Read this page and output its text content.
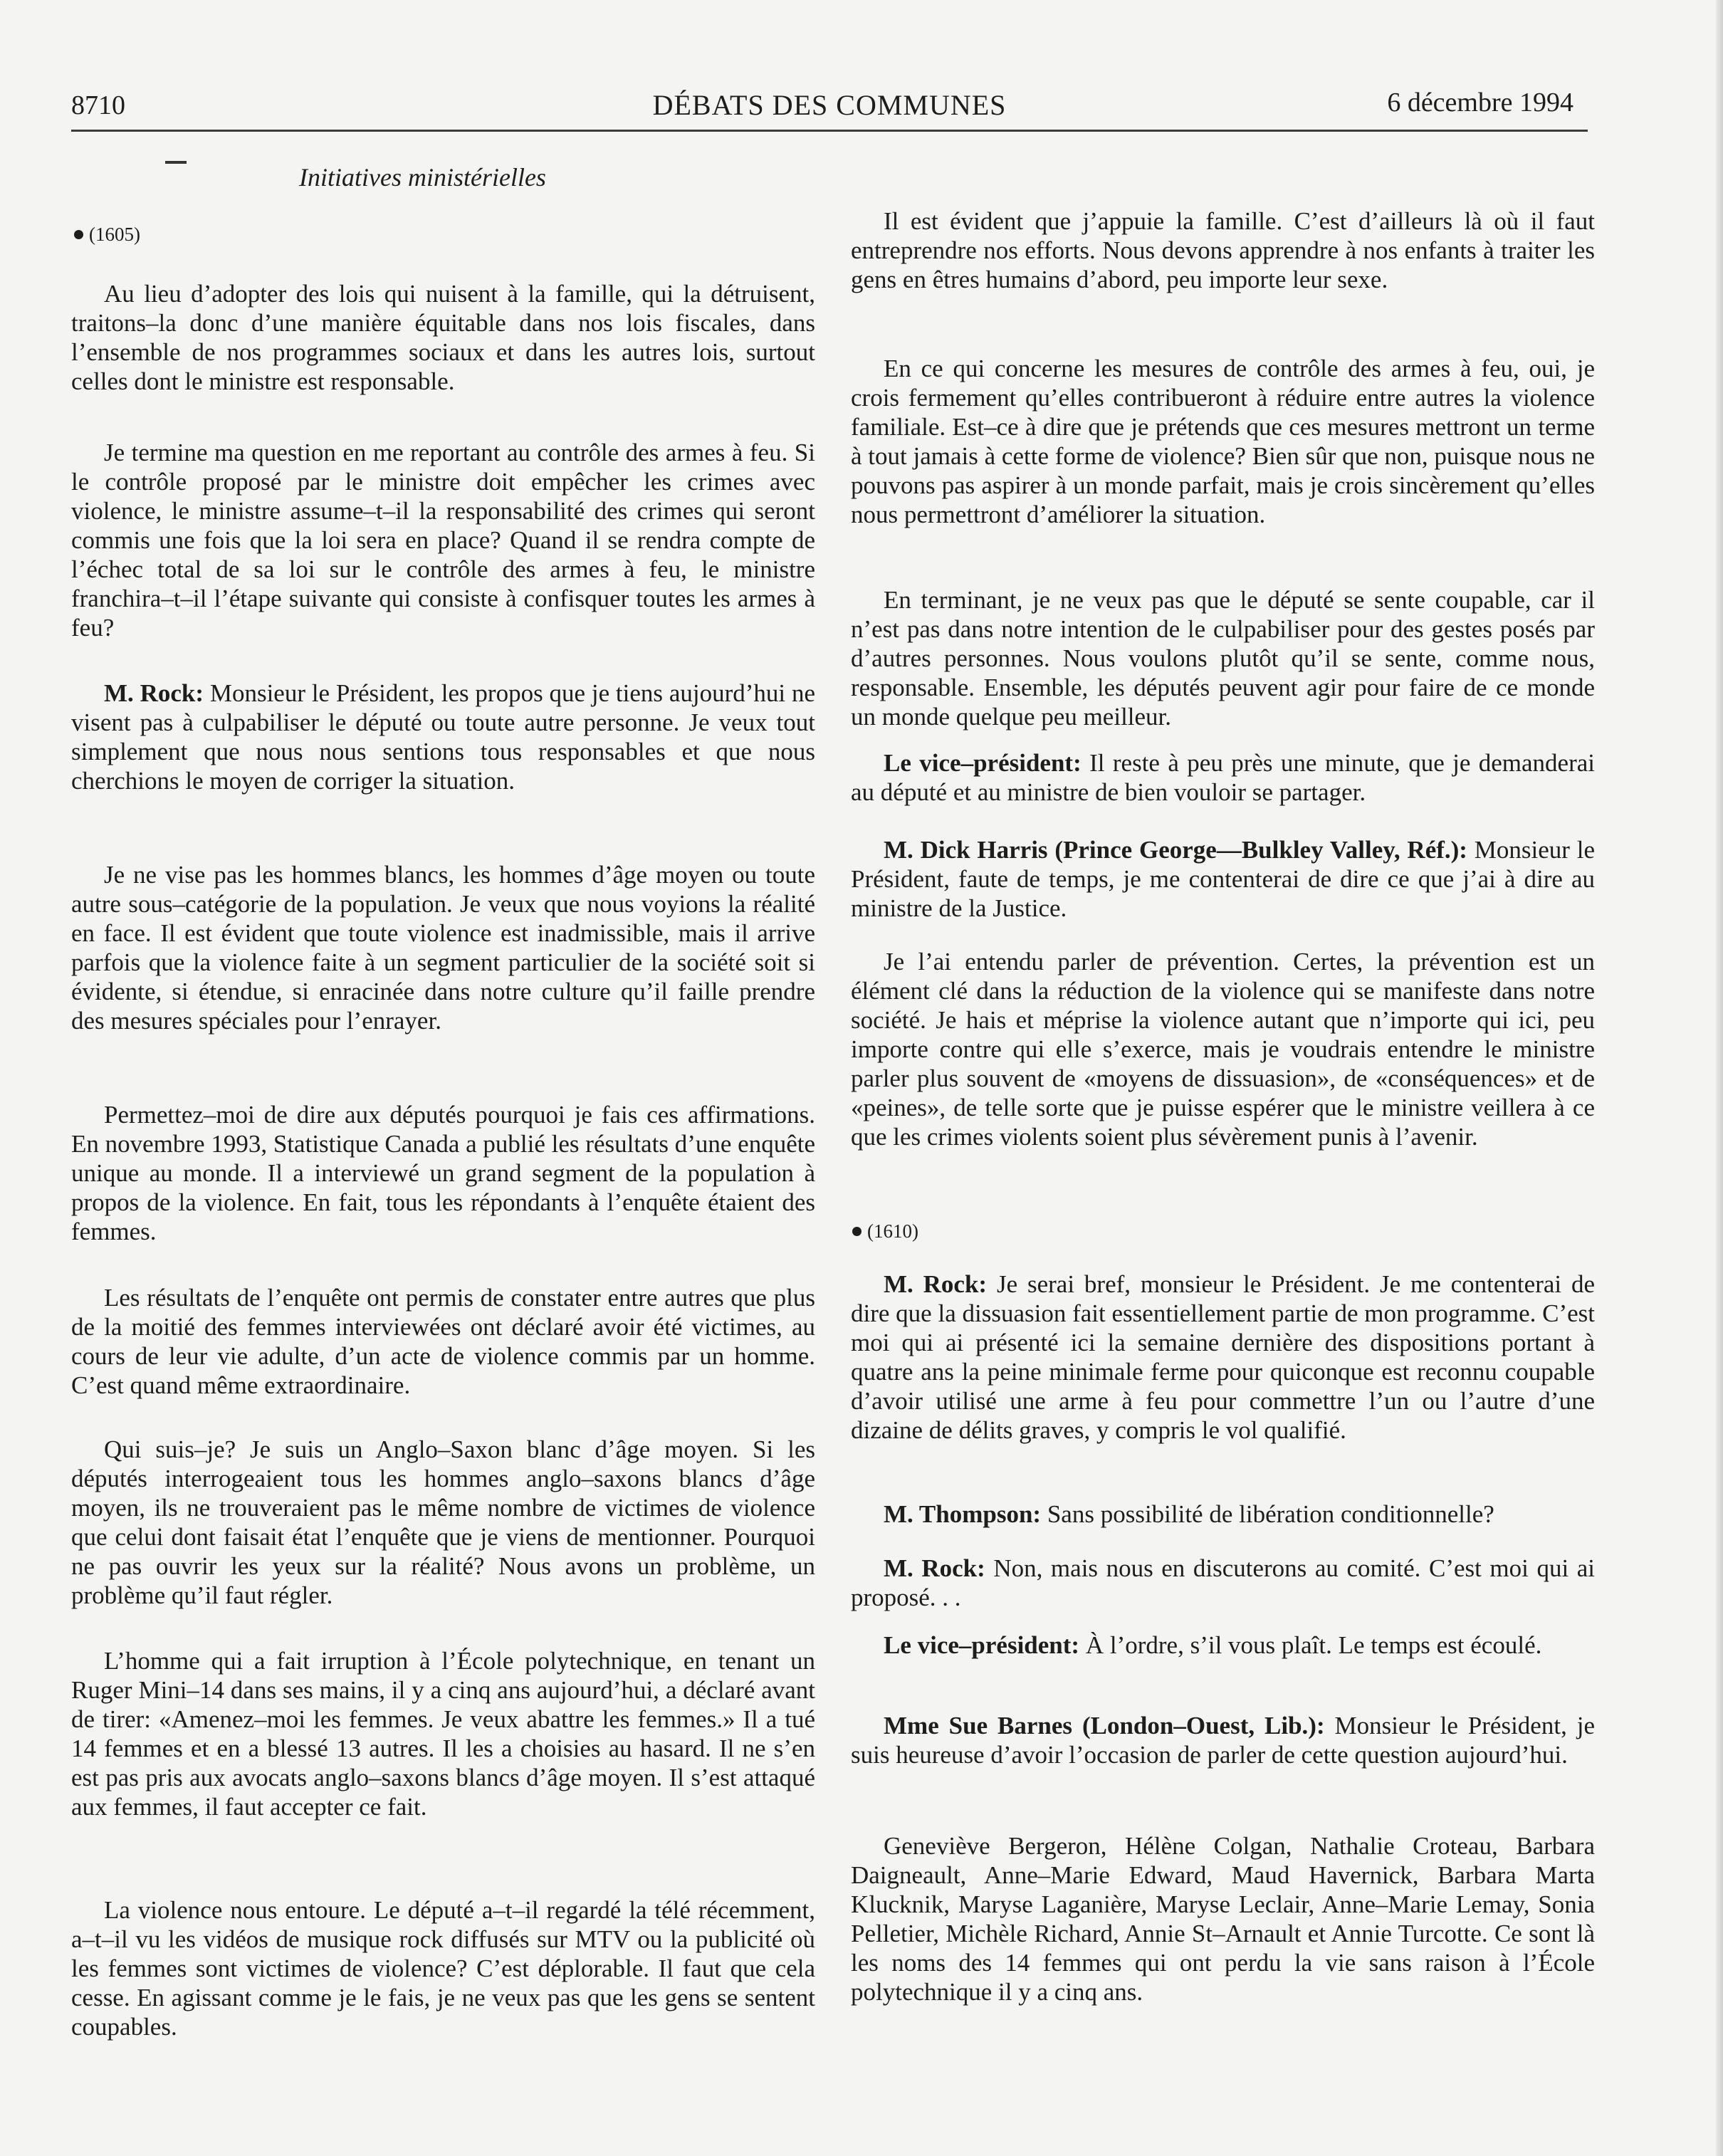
8710	DÉBATS DES COMMUNES	6 décembre 1994
Initiatives ministérielles
(1605)

Au lieu d’adopter des lois qui nuisent à la famille, qui la détruisent, traitons–la donc d’une manière équitable dans nos lois fiscales, dans l’ensemble de nos programmes sociaux et dans les autres lois, surtout celles dont le ministre est responsable.

Je termine ma question en me reportant au contrôle des armes à feu. Si le contrôle proposé par le ministre doit empêcher les crimes avec violence, le ministre assume–t–il la responsabilité des crimes qui seront commis une fois que la loi sera en place? Quand il se rendra compte de l’échec total de sa loi sur le contrôle des armes à feu, le ministre franchira–t–il l’étape suivante qui consiste à confisquer toutes les armes à feu?

M. Rock: Monsieur le Président, les propos que je tiens aujourd’hui ne visent pas à culpabiliser le député ou toute autre personne. Je veux tout simplement que nous nous sentions tous responsables et que nous cherchions le moyen de corriger la situation.

Je ne vise pas les hommes blancs, les hommes d’âge moyen ou toute autre sous–catégorie de la population. Je veux que nous voyions la réalité en face. Il est évident que toute violence est inadmissible, mais il arrive parfois que la violence faite à un segment particulier de la société soit si évidente, si étendue, si enracinée dans notre culture qu’il faille prendre des mesures spéciales pour l’enrayer.

Permettez–moi de dire aux députés pourquoi je fais ces affirmations. En novembre 1993, Statistique Canada a publié les résultats d’une enquête unique au monde. Il a interviewé un grand segment de la population à propos de la violence. En fait, tous les répondants à l’enquête étaient des femmes.

Les résultats de l’enquête ont permis de constater entre autres que plus de la moitié des femmes interviewées ont déclaré avoir été victimes, au cours de leur vie adulte, d’un acte de violence commis par un homme. C’est quand même extraordinaire.

Qui suis–je? Je suis un Anglo–Saxon blanc d’âge moyen. Si les députés interrogeaient tous les hommes anglo–saxons blancs d’âge moyen, ils ne trouveraient pas le même nombre de victimes de violence que celui dont faisait état l’enquête que je viens de mentionner. Pourquoi ne pas ouvrir les yeux sur la réalité? Nous avons un problème, un problème qu’il faut régler.

L’homme qui a fait irruption à l’École polytechnique, en tenant un Ruger Mini–14 dans ses mains, il y a cinq ans aujourd’hui, a déclaré avant de tirer: «Amenez–moi les femmes. Je veux abattre les femmes.» Il a tué 14 femmes et en a blessé 13 autres. Il les a choisies au hasard. Il ne s’en est pas pris aux avocats anglo–saxons blancs d’âge moyen. Il s’est attaqué aux femmes, il faut accepter ce fait.

La violence nous entoure. Le député a–t–il regardé la télé récemment, a–t–il vu les vidéos de musique rock diffusés sur MTV ou la publicité où les femmes sont victimes de violence? C’est déplorable. Il faut que cela cesse. En agissant comme je le fais, je ne veux pas que les gens se sentent coupables.

Il est évident que j’appuie la famille. C’est d’ailleurs là où il faut entreprendre nos efforts. Nous devons apprendre à nos enfants à traiter les gens en êtres humains d’abord, peu importe leur sexe.

En ce qui concerne les mesures de contrôle des armes à feu, oui, je crois fermement qu’elles contribueront à réduire entre autres la violence familiale. Est–ce à dire que je prétends que ces mesures mettront un terme à tout jamais à cette forme de violence? Bien sûr que non, puisque nous ne pouvons pas aspirer à un monde parfait, mais je crois sincèrement qu’elles nous permettront d’améliorer la situation.

En terminant, je ne veux pas que le député se sente coupable, car il n’est pas dans notre intention de le culpabiliser pour des gestes posés par d’autres personnes. Nous voulons plutôt qu’il se sente, comme nous, responsable. Ensemble, les députés peuvent agir pour faire de ce monde un monde quelque peu meilleur.

Le vice–président: Il reste à peu près une minute, que je demanderai au député et au ministre de bien vouloir se partager.

M. Dick Harris (Prince George—Bulkley Valley, Réf.): Monsieur le Président, faute de temps, je me contenterai de dire ce que j’ai à dire au ministre de la Justice.

Je l’ai entendu parler de prévention. Certes, la prévention est un élément clé dans la réduction de la violence qui se manifeste dans notre société. Je hais et méprise la violence autant que n’importe qui ici, peu importe contre qui elle s’exerce, mais je voudrais entendre le ministre parler plus souvent de «moyens de dissuasion», de «conséquences» et de «peines», de telle sorte que je puisse espérer que le ministre veillera à ce que les crimes violents soient plus sévèrement punis à l’avenir.

(1610)

M. Rock: Je serai bref, monsieur le Président. Je me contenterai de dire que la dissuasion fait essentiellement partie de mon programme. C’est moi qui ai présenté ici la semaine dernière des dispositions portant à quatre ans la peine minimale ferme pour quiconque est reconnu coupable d’avoir utilisé une arme à feu pour commettre l’un ou l’autre d’une dizaine de délits graves, y compris le vol qualifié.

M. Thompson: Sans possibilité de libération conditionnelle?

M. Rock: Non, mais nous en discuterons au comité. C’est moi qui ai proposé. . .

Le vice–président: À l’ordre, s’il vous plaît. Le temps est écoulé.

Mme Sue Barnes (London–Ouest, Lib.): Monsieur le Président, je suis heureuse d’avoir l’occasion de parler de cette question aujourd’hui.

Geneviève Bergeron, Hélène Colgan, Nathalie Croteau, Barbara Daigneault, Anne–Marie Edward, Maud Havernick, Barbara Marta Klucknik, Maryse Laganière, Maryse Leclair, Anne–Marie Lemay, Sonia Pelletier, Michèle Richard, Annie St–Arnault et Annie Turcotte. Ce sont là les noms des 14 femmes qui ont perdu la vie sans raison à l’École polytechnique il y a cinq ans.
